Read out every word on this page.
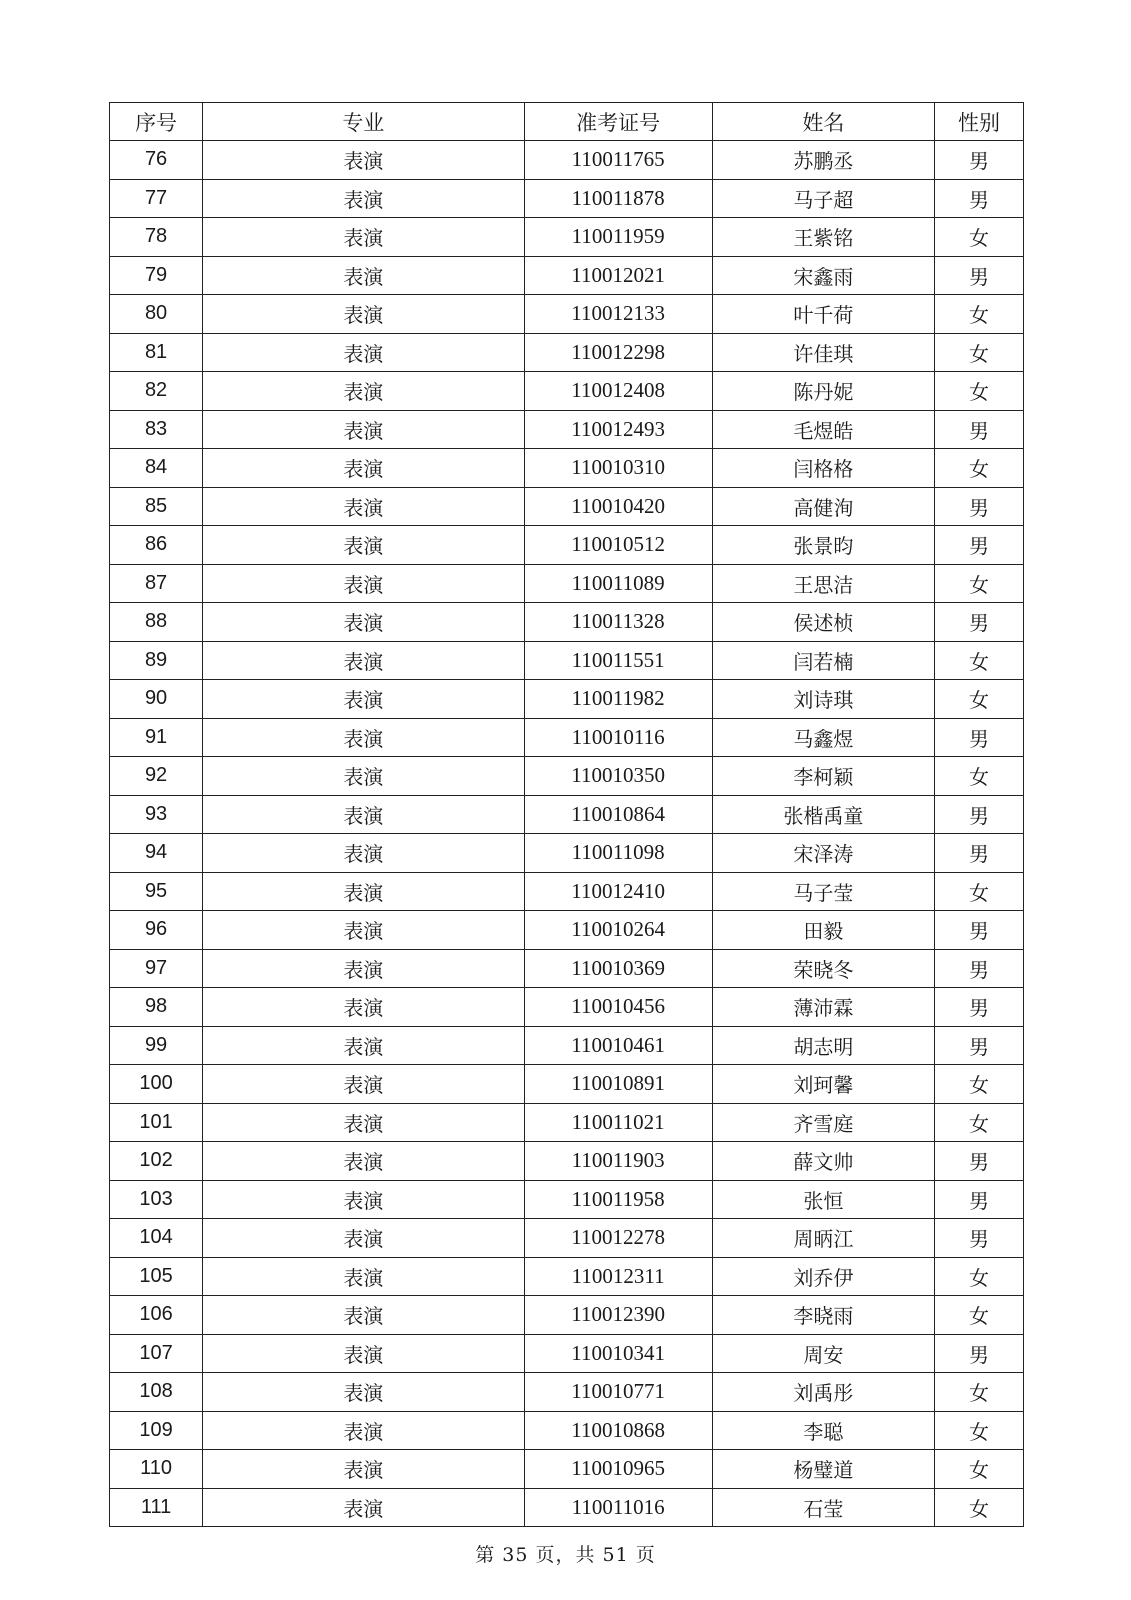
序号	专业	准考证号	姓名	性别
76	表演	110011765	苏鹏丞	男
77	表演	110011878	马子超	男
78	表演	110011959	王紫铭	女
79	表演	110012021	宋鑫雨	男
80	表演	110012133	叶千荷	女
81	表演	110012298	许佳琪	女
82	表演	110012408	陈丹妮	女
83	表演	110012493	毛煜皓	男
84	表演	110010310	闫格格	女
85	表演	110010420	高健洵	男
86	表演	110010512	张景昀	男
87	表演	110011089	王思洁	女
88	表演	110011328	侯述桢	男
89	表演	110011551	闫若楠	女
90	表演	110011982	刘诗琪	女
91	表演	110010116	马鑫煜	男
92	表演	110010350	李柯颖	女
93	表演	110010864	张楷禹童	男
94	表演	110011098	宋泽涛	男
95	表演	110012410	马子莹	女
96	表演	110010264	田毅	男
97	表演	110010369	荣晓冬	男
98	表演	110010456	薄沛霖	男
99	表演	110010461	胡志明	男
100	表演	110010891	刘珂馨	女
101	表演	110011021	齐雪庭	女
102	表演	110011903	薛文帅	男
103	表演	110011958	张恒	男
104	表演	110012278	周昞江	男
105	表演	110012311	刘乔伊	女
106	表演	110012390	李晓雨	女
107	表演	110010341	周安	男
108	表演	110010771	刘禹彤	女
109	表演	110010868	李聪	女
110	表演	110010965	杨璧道	女
111	表演	110011016	石莹	女
第 35 页，共 51 页
